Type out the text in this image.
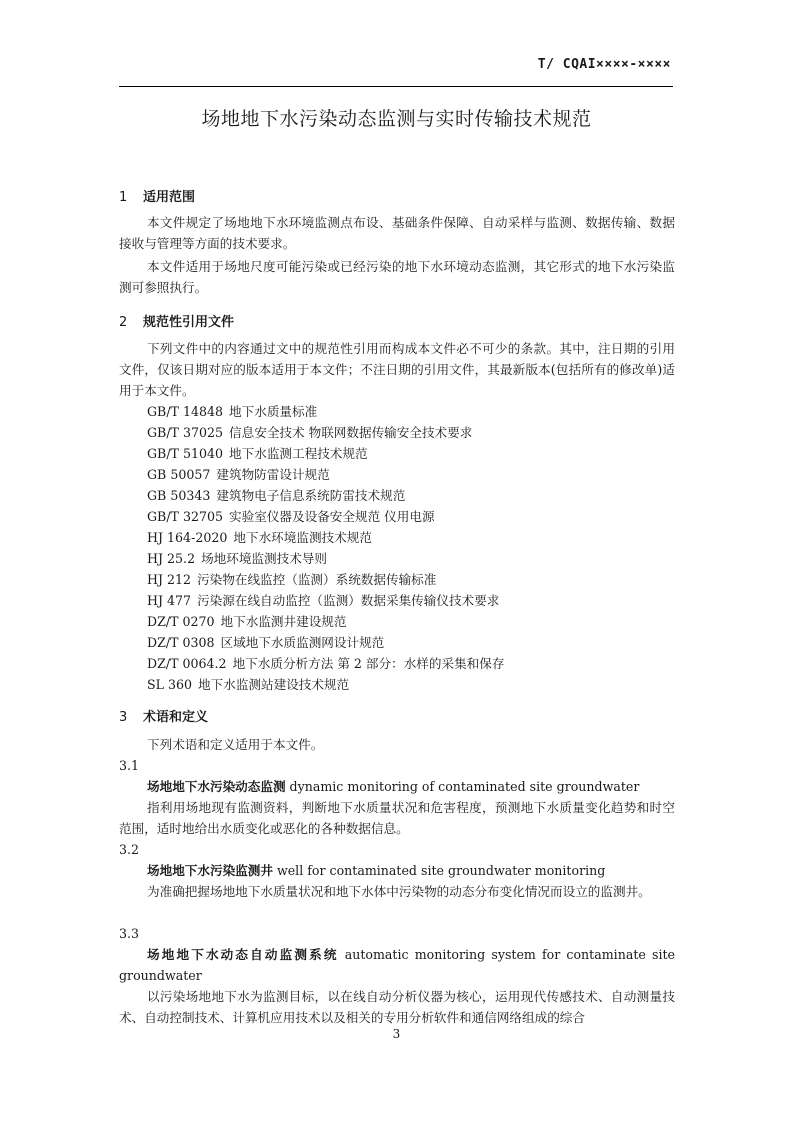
T/ CQAI××××-××××
场地地下水污染动态监测与实时传输技术规范
1 适用范围
本文件规定了场地地下水环境监测点布设、基础条件保障、自动采样与监测、数据传输、数据接收与管理等方面的技术要求。
本文件适用于场地尺度可能污染或已经污染的地下水环境动态监测，其它形式的地下水污染监测可参照执行。
2 规范性引用文件
下列文件中的内容通过文中的规范性引用而构成本文件必不可少的条款。其中，注日期的引用文件，仅该日期对应的版本适用于本文件；不注日期的引用文件，其最新版本(包括所有的修改单)适用于本文件。
GB/T 14848 地下水质量标准
GB/T 37025 信息安全技术 物联网数据传输安全技术要求
GB/T 51040 地下水监测工程技术规范
GB 50057 建筑物防雷设计规范
GB 50343 建筑物电子信息系统防雷技术规范
GB/T 32705 实验室仪器及设备安全规范 仪用电源
HJ 164-2020 地下水环境监测技术规范
HJ 25.2 场地环境监测技术导则
HJ 212 污染物在线监控（监测）系统数据传输标准
HJ 477 污染源在线自动监控（监测）数据采集传输仪技术要求
DZ/T 0270 地下水监测井建设规范
DZ/T 0308 区域地下水质监测网设计规范
DZ/T 0064.2 地下水质分析方法 第 2 部分：水样的采集和保存
SL 360 地下水监测站建设技术规范
3 术语和定义
下列术语和定义适用于本文件。
3.1
场地地下水污染动态监测 dynamic monitoring of contaminated site groundwater
指利用场地现有监测资料，判断地下水质量状况和危害程度，预测地下水质量变化趋势和时空范围，适时地给出水质变化或恶化的各种数据信息。
3.2
场地地下水污染监测井 well for contaminated site groundwater monitoring
为准确把握场地地下水质量状况和地下水体中污染物的动态分布变化情况而设立的监测井。
3.3
场地地下水动态自动监测系统 automatic monitoring system for contaminate site groundwater
以污染场地地下水为监测目标，以在线自动分析仪器为核心，运用现代传感技术、自动测量技术、自动控制技术、计算机应用技术以及相关的专用分析软件和通信网络组成的综合
3
